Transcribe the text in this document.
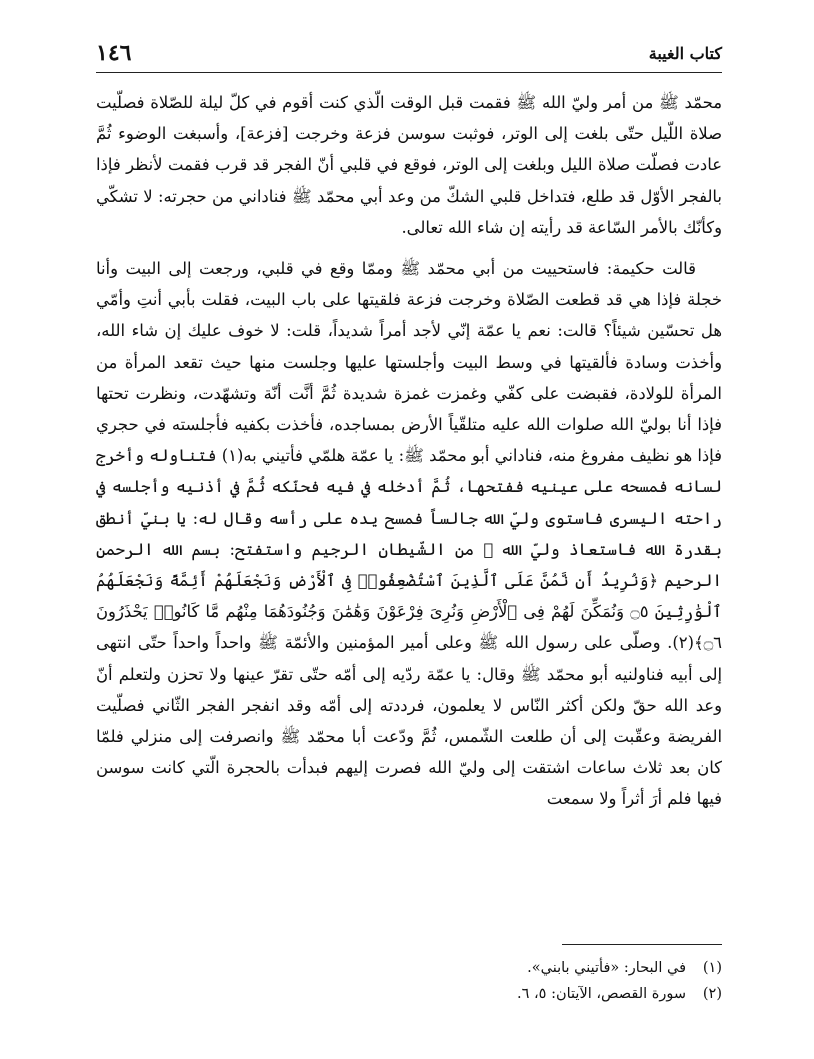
١٤٦	كتاب الغيبة

محمّد ﷺ من أمر وليّ الله ﷺ فقمت قبل الوقت الّذي كنت أقوم في كلّ ليلة للصّلاة فصلّيت صلاة اللّيل حتّى بلغت إلى الوتر، فوثبت سوسن فزعة وخرجت [فزعة]، وأسبغت الوضوء ثُمَّ عادت فصلّت صلاة الليل وبلغت إلى الوتر، فوقع في قلبي أنّ الفجر قد قرب فقمت لأنظر فإذا بالفجر الأوّل قد طلع، فتداخل قلبي الشكّ من وعد أبي محمّد ﷺ فناداني من حجرته: لا تشكّي وكأنّك بالأمر السّاعة قد رأيته إن شاء الله تعالى.

قالت حكيمة: فاستحييت من أبي محمّد ﷺ وممّا وقع في قلبي، ورجعت إلى البيت وأنا خجلة فإذا هي قد قطعت الصّلاة وخرجت فزعة فلقيتها على باب البيت، فقلت بأبي أنتِ وأمّي هل تحسّين شيئاً؟ قالت: نعم يا عمّة إنّي لأجد أمراً شديداً، قلت: لا خوف عليك إن شاء الله، وأخذت وسادة فألقيتها في وسط البيت وأجلستها عليها وجلست منها حيث تقعد المرأة من المرأة للولادة، فقبضت على كفّي وغمزت غمزة شديدة ثُمَّ أنَّت أنّة وتشهّدت، ونظرت تحتها فإذا أنا بوليّ الله صلوات الله عليه متلقّياً الأرض بمساجده، فأخذت بكفيه فأجلسته في حجري فإذا هو نظيف مفروغ منه، فناداني أبو محمّد ﷺ: يا عمّة هلمّي فأتيني به(١) فتناوله وأخرج لسانه فمسحه على عينيه ففتحها، ثُمَّ أدخله في فيه فحنّكه ثُمَّ في أذنيه وأجلسه في راحته اليسرى فاستوى وليّ الله جالساً فمسح يده على رأسه وقال له: يا بنيّ أنطق بقدرة الله فاستعاذ وليّ الله ﷺ من الشّيطان الرجيم واستفتح: بسم الله الرحمن الرحيم ﴿وَنُرِيدُ أَن نَّمُنَّ عَلَى ٱلَّذِينَ ٱسْتُضْعِفُوا۟ فِى ٱلْأَرْضِ وَنَجْعَلَهُمْ أَئِمَّةً وَنَجْعَلَهُمُ ٱلْوَٰرِثِينَ ۝٥ وَنُمَكِّنَ لَهُمْ فِى ٱلْأَرْضِ وَنُرِىَ فِرْعَوْنَ وَهَٰمَٰنَ وَجُنُودَهُمَا مِنْهُم مَّا كَانُوا۟ يَحْذَرُونَ ۝٦﴾(٢). وصلّى على رسول الله ﷺ وعلى أمير المؤمنين والأئمّة ﷺ واحداً واحداً حتّى انتهى إلى أبيه فناولنيه أبو محمّد ﷺ وقال: يا عمّة ردّيه إلى أمّه حتّى تقرّ عينها ولا تحزن ولتعلم أنّ وعد الله حقّ ولكن أكثر النّاس لا يعلمون، فرددته إلى أمّه وقد انفجر الفجر الثّاني فصلّيت الفريضة وعقّبت إلى أن طلعت الشّمس، ثُمَّ ودّعت أبا محمّد ﷺ وانصرفت إلى منزلي فلمّا كان بعد ثلاث ساعات اشتقت إلى وليّ الله فصرت إليهم فبدأت بالحجرة الّتي كانت سوسن فيها فلم أرَ أثراً ولا سمعت

(١)
في البحار: «فأتيني بابني».
(٢)
سورة القصص، الآيتان: ٥، ٦.
